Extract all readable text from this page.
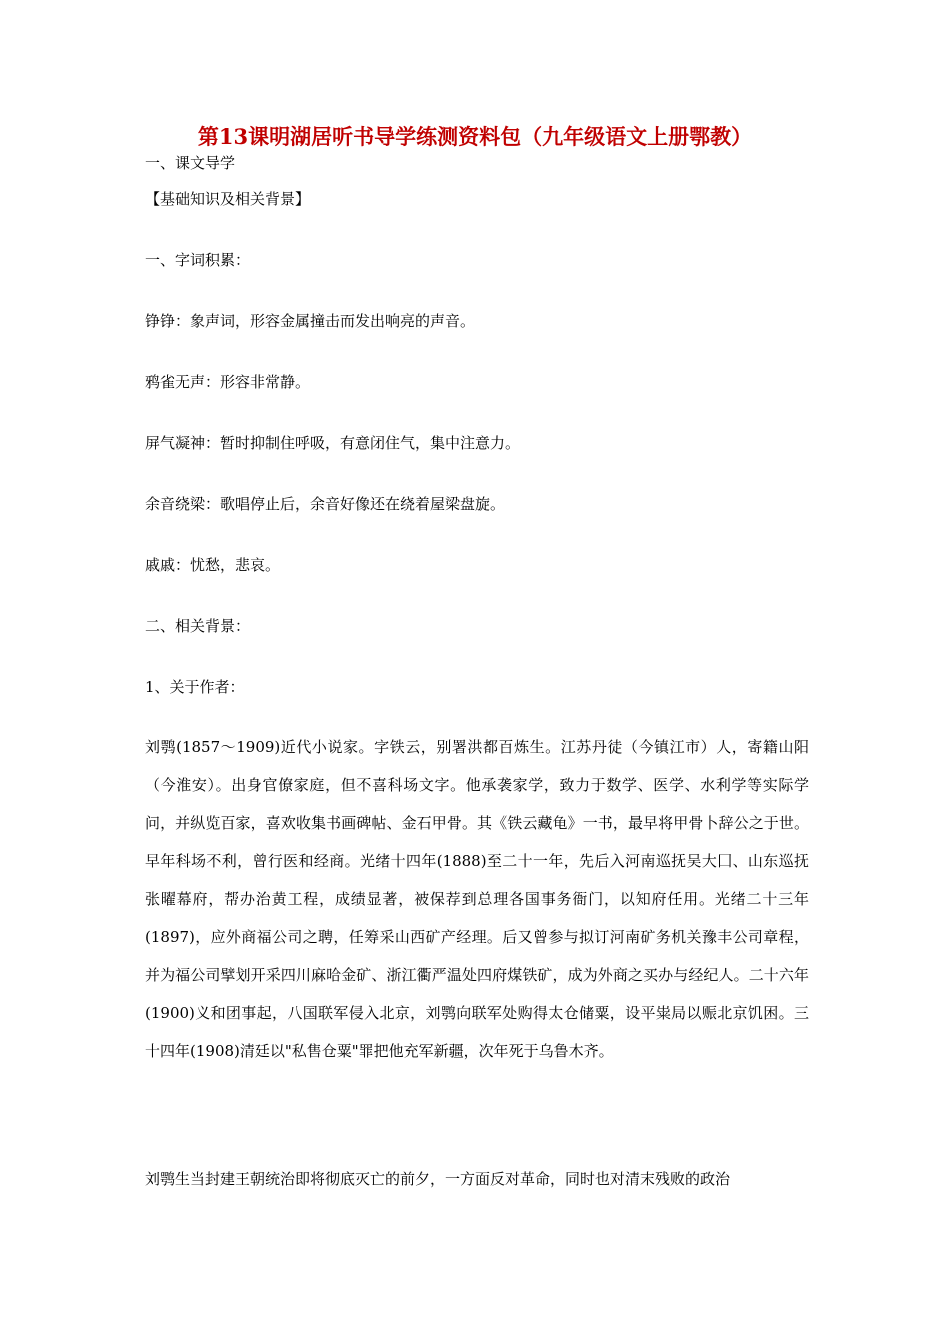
第13课明湖居听书导学练测资料包（九年级语文上册鄂教）
一、课文导学
【基础知识及相关背景】
一、字词积累：
铮铮：象声词，形容金属撞击而发出响亮的声音。
鸦雀无声：形容非常静。
屏气凝神：暂时抑制住呼吸，有意闭住气，集中注意力。
余音绕梁：歌唱停止后，余音好像还在绕着屋梁盘旋。
戚戚：忧愁，悲哀。
二、相关背景：
1、关于作者：
刘鹗(1857～1909)近代小说家。字铁云，别署洪都百炼生。江苏丹徒（今镇江市）人，寄籍山阳（今淮安）。出身官僚家庭，但不喜科场文字。他承袭家学，致力于数学、医学、水利学等实际学问，并纵览百家，喜欢收集书画碑帖、金石甲骨。其《铁云藏龟》一书，最早将甲骨卜辞公之于世。早年科场不利，曾行医和经商。光绪十四年(1888)至二十一年，先后入河南巡抚吴大囗、山东巡抚张曜幕府，帮办治黄工程，成绩显著，被保荐到总理各国事务衙门，以知府任用。光绪二十三年(1897)，应外商福公司之聘，任筹采山西矿产经理。后又曾参与拟订河南矿务机关豫丰公司章程，并为福公司擘划开采四川麻哈金矿、浙江衢严温处四府煤铁矿，成为外商之买办与经纪人。二十六年(1900)义和团事起，八国联军侵入北京，刘鹗向联军处购得太仓储粟，设平粜局以赈北京饥困。三十四年(1908)清廷以"私售仓粟"罪把他充军新疆，次年死于乌鲁木齐。
刘鹗生当封建王朝统治即将彻底灭亡的前夕，一方面反对革命，同时也对清末残败的政治
